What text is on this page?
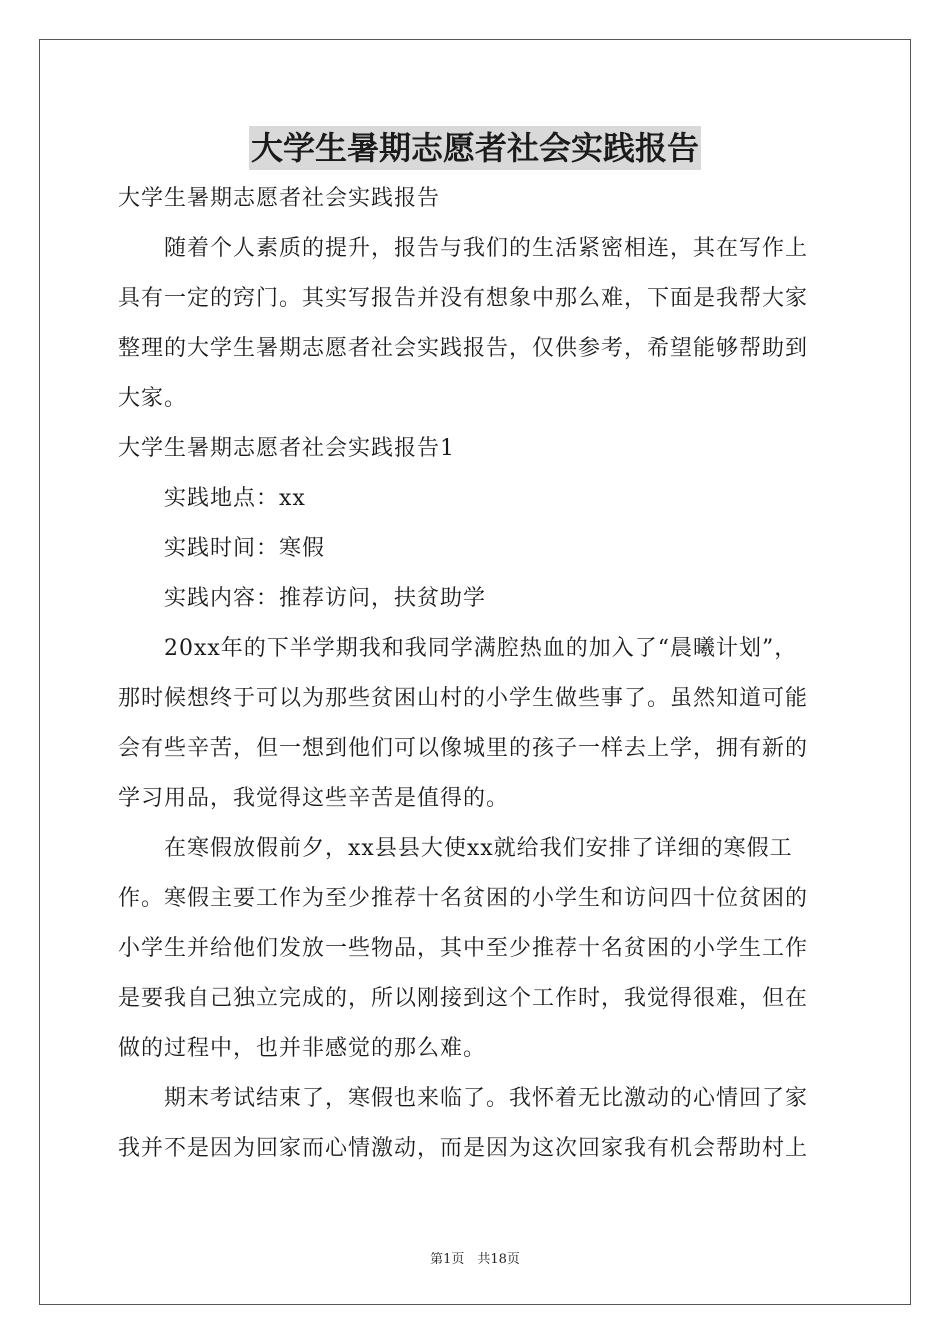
大学生暑期志愿者社会实践报告
大学生暑期志愿者社会实践报告
随着个人素质的提升，报告与我们的生活紧密相连，其在写作上
具有一定的窍门。其实写报告并没有想象中那么难，下面是我帮大家
整理的大学生暑期志愿者社会实践报告，仅供参考，希望能够帮助到
大家。
大学生暑期志愿者社会实践报告1
实践地点：xx
实践时间：寒假
实践内容：推荐访问，扶贫助学
20xx年的下半学期我和我同学满腔热血的加入了“晨曦计划”，
那时候想终于可以为那些贫困山村的小学生做些事了。虽然知道可能
会有些辛苦，但一想到他们可以像城里的孩子一样去上学，拥有新的
学习用品，我觉得这些辛苦是值得的。
在寒假放假前夕，xx县县大使xx就给我们安排了详细的寒假工
作。寒假主要工作为至少推荐十名贫困的小学生和访问四十位贫困的
小学生并给他们发放一些物品，其中至少推荐十名贫困的小学生工作
是要我自己独立完成的，所以刚接到这个工作时，我觉得很难，但在
做的过程中，也并非感觉的那么难。
期末考试结束了，寒假也来临了。我怀着无比激动的心情回了家
我并不是因为回家而心情激动，而是因为这次回家我有机会帮助村上
第1页　共18页
